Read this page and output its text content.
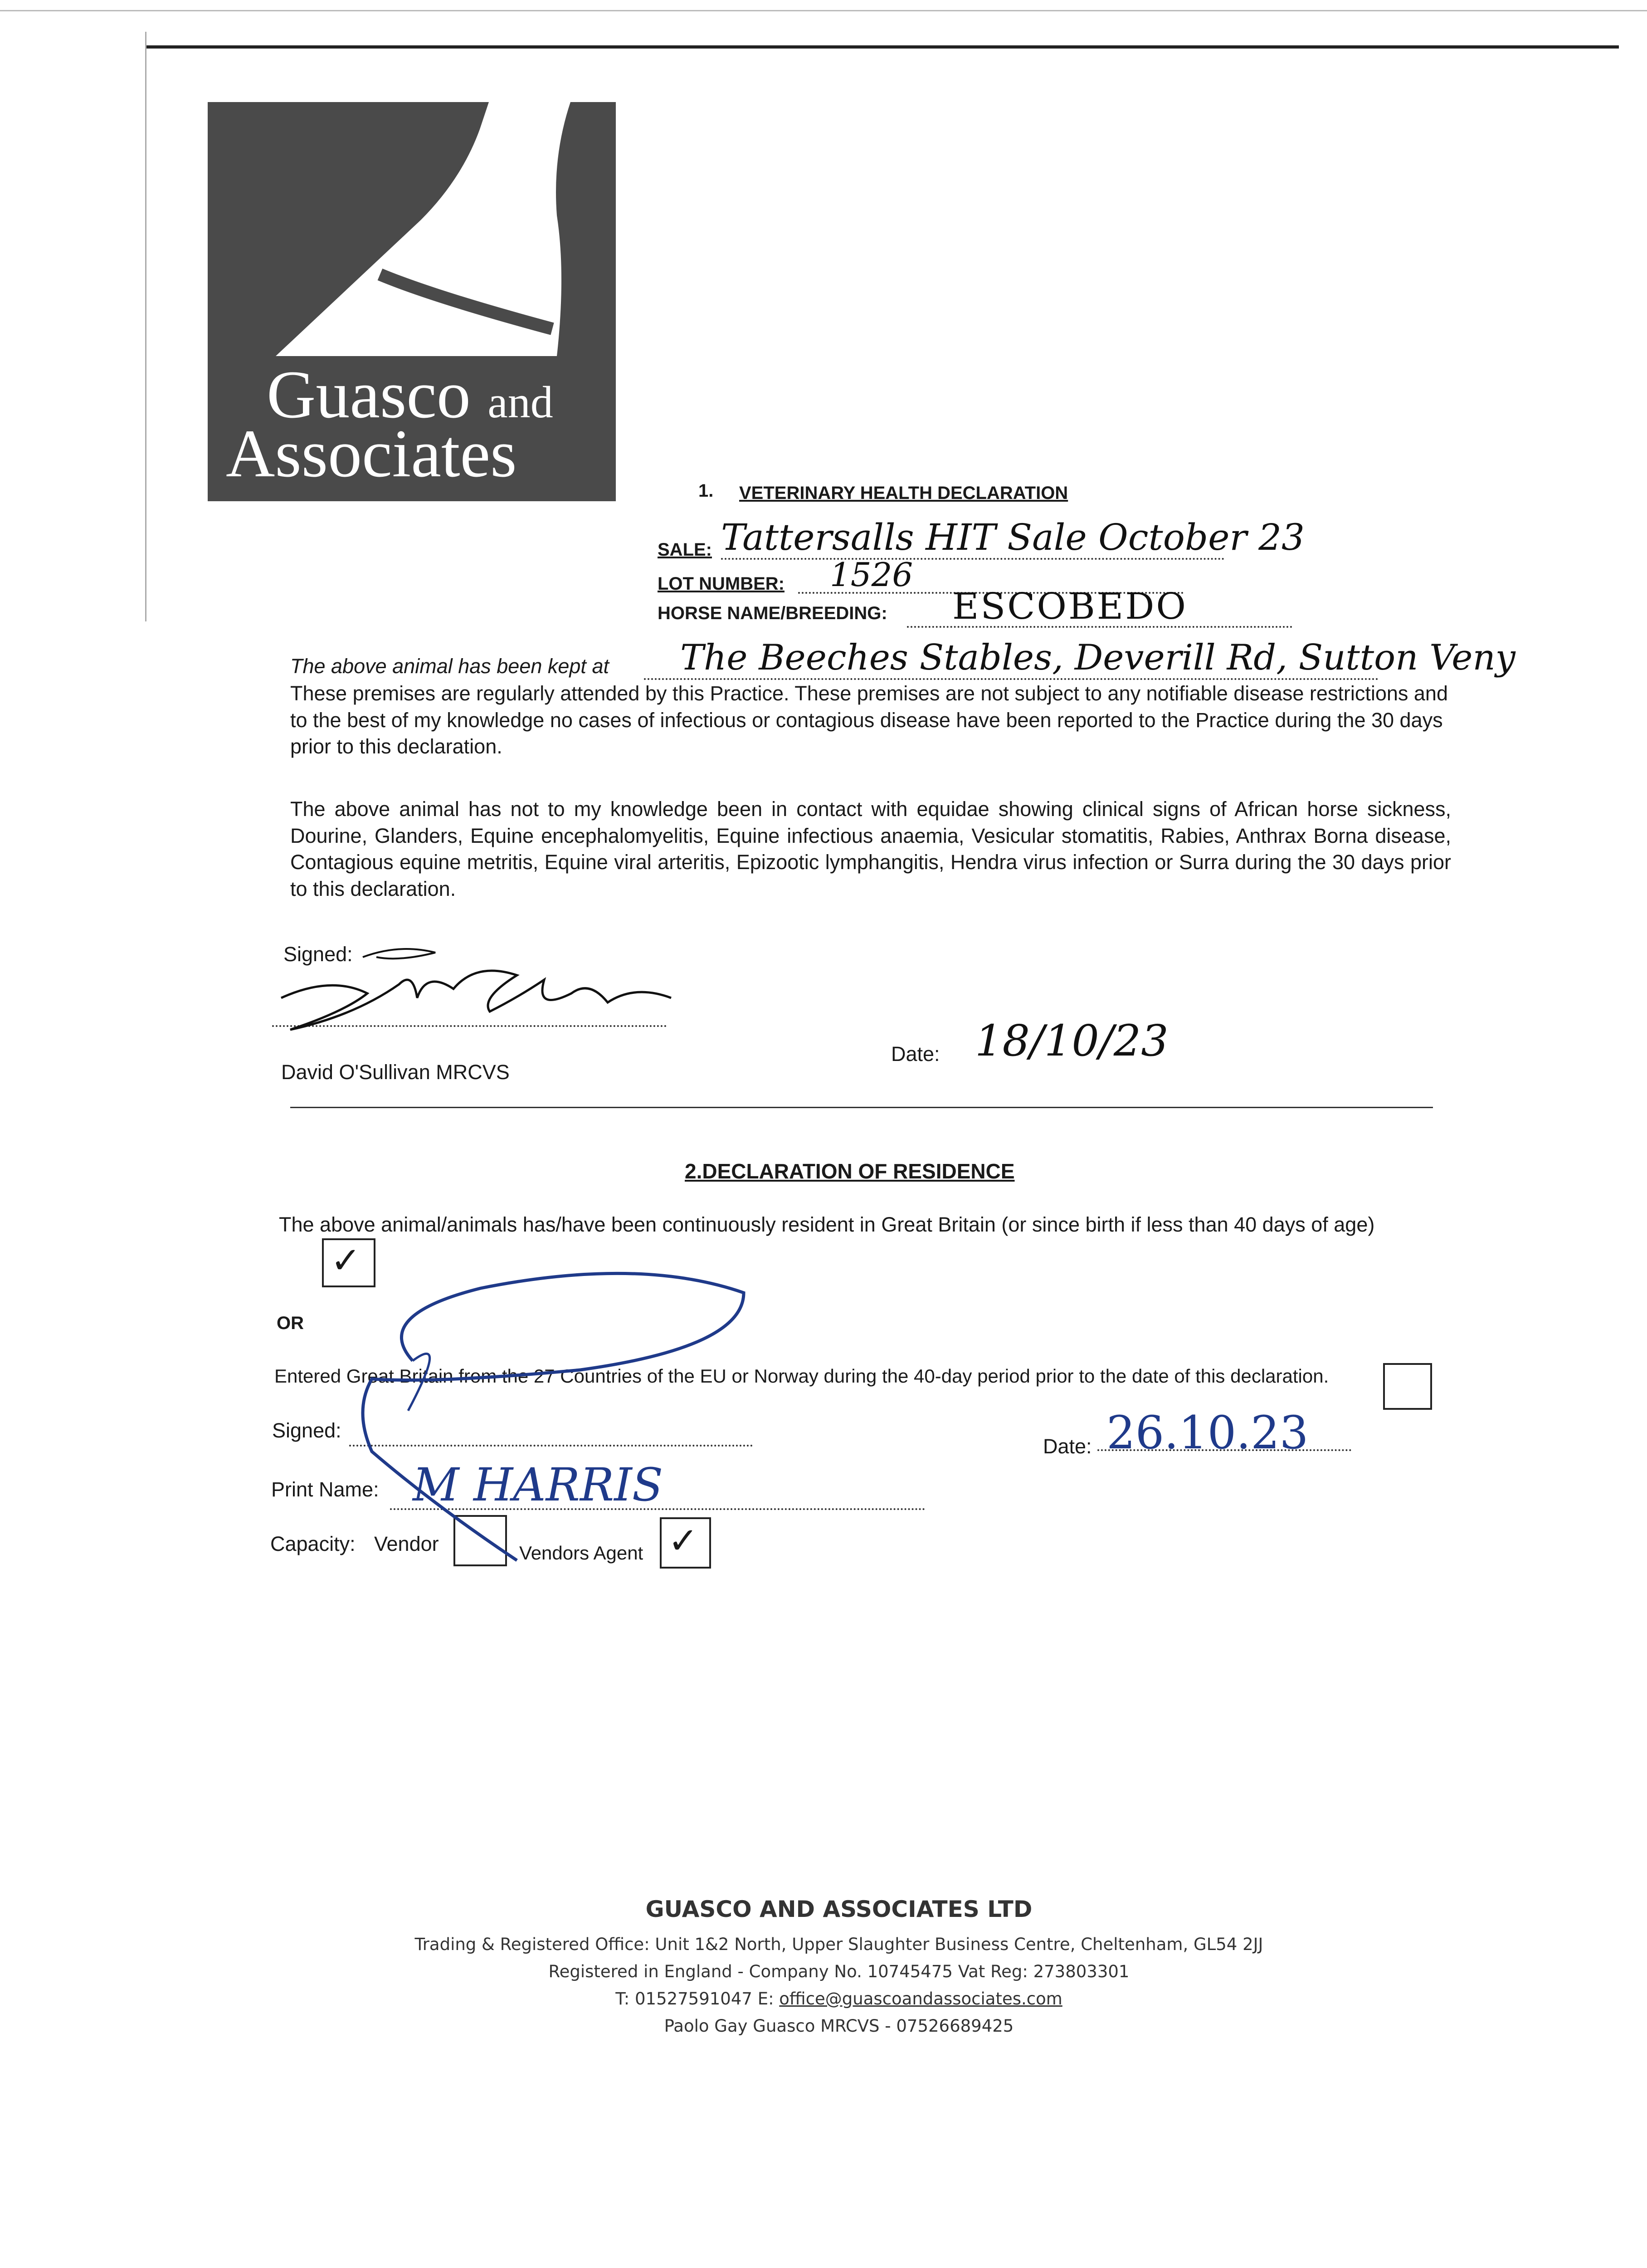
Guasco and
Associates	1. VETERINARY HEALTH DECLARATION
SALE: Tattersalls HIT Sale October 23
LOT NUMBER: 1526
HORSE NAME/BREEDING: ESCOBEDO
The above animal has been kept at The Beeches Stables, Deverill Rd, Sutton Veny
These premises are regularly attended by this Practice. These premises are not subject to any notifiable disease restrictions and to the best of my knowledge no cases of infectious or contagious disease have been reported to the Practice during the 30 days prior to this declaration.
The above animal has not to my knowledge been in contact with equidae showing clinical signs of African horse sickness, Dourine, Glanders, Equine encephalomyelitis, Equine infectious anaemia, Vesicular stomatitis, Rabies, Anthrax Borna disease, Contagious equine metritis, Equine viral arteritis, Epizootic lymphangitis, Hendra virus infection or Surra during the 30 days prior to this declaration.
Signed:
David O'Sullivan MRCVS
Date: 18/10/23
2.DECLARATION OF RESIDENCE
The above animal/animals has/have been continuously resident in Great Britain (or since birth if less than 40 days of age)
✓
OR
Entered Great Britain from the 27 Countries of the EU or Norway during the 40-day period prior to the date of this declaration.
Signed:
Date: 26.10.23
Print Name: M HARRIS
Capacity: Vendor	Vendors Agent ✓
GUASCO AND ASSOCIATES LTD
Trading & Registered Office: Unit 1&2 North, Upper Slaughter Business Centre, Cheltenham, GL54 2JJ
Registered in England - Company No. 10745475 Vat Reg: 273803301
T: 01527591047 E: office@guascoandassociates.com
Paolo Gay Guasco MRCVS - 07526689425
